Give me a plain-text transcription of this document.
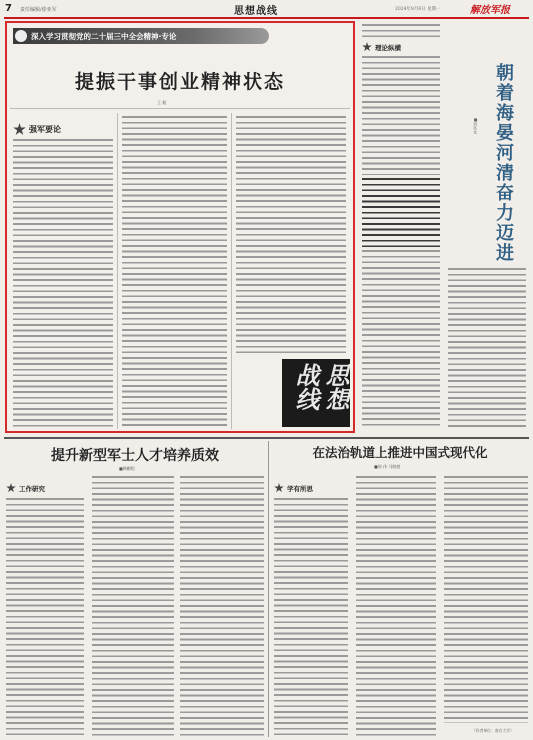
7 责任编辑/徐亚军	思想战线	2024年8月6日 星期一	解放军报
深入学习贯彻党的二十届三中全会精神·专论
提振干事创业精神状态
王 毅
强军要论
思想战线
理论纵横
朝着海晏河清奋力迈进
■刘兆龙
提升新型军士人才培养质效
■韩鹏程
工作研究
在法治轨道上推进中国式现代化
■周 伟 马晓茜
学有所思
（作者单位：南京大学）
